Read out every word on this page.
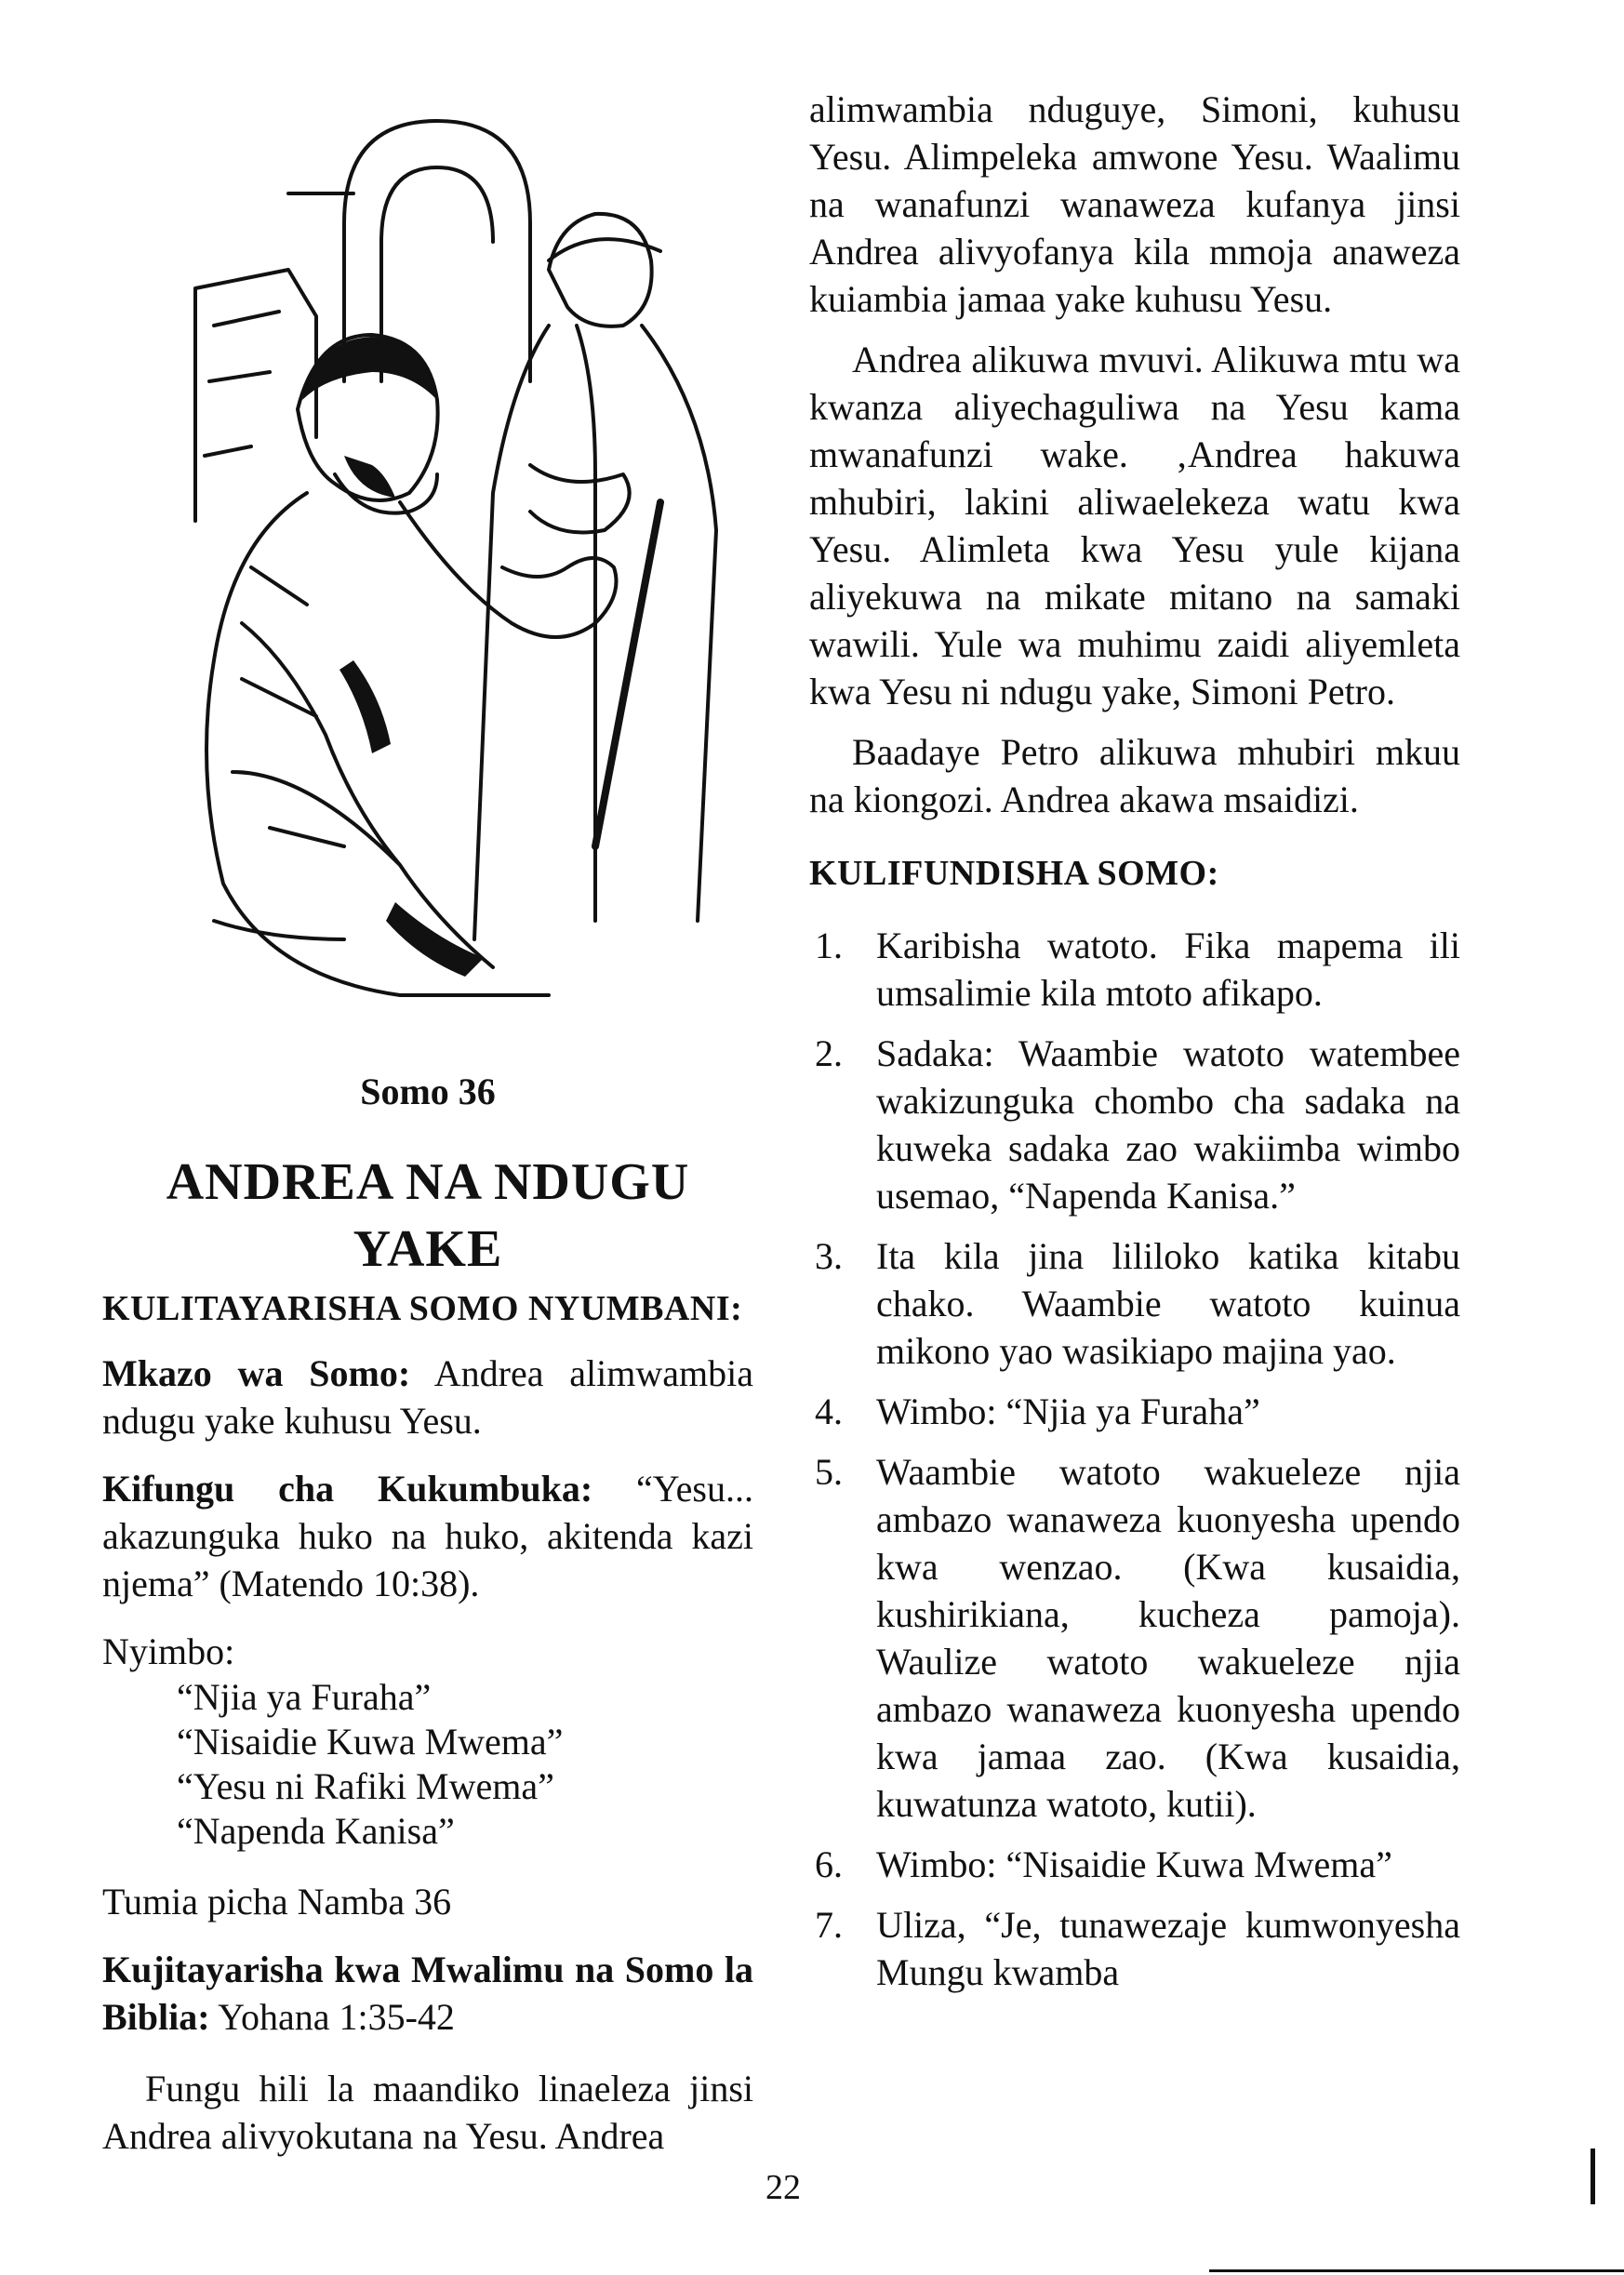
Somo 36
ANDREA NA NDUGU YAKE
KULITAYARISHA SOMO NYUMBANI:

Mkazo wa Somo: Andrea alimwambia ndugu yake kuhusu Yesu.

Kifungu cha Kukumbuka: “Yesu... akazunguka huko na huko, akitenda kazi njema” (Matendo 10:38).

Nyimbo:

“Njia ya Furaha”
“Nisaidie Kuwa Mwema”
“Yesu ni Rafiki Mwema”
“Napenda Kanisa”

Tumia picha Namba 36

Kujitayarisha kwa Mwalimu na Somo la Biblia: Yohana 1:35-42

Fungu hili la maandiko linaeleza jinsi Andrea alivyokutana na Yesu. Andrea

alimwambia nduguye, Simoni, kuhusu Yesu. Alimpeleka amwone Yesu. Waalimu na wanafunzi wanaweza kufanya jinsi Andrea alivyofanya kila mmoja anaweza kuiambia jamaa yake kuhusu Yesu.

Andrea alikuwa mvuvi. Alikuwa mtu wa kwanza aliyechaguliwa na Yesu kama mwanafunzi wake. ‚Andrea hakuwa mhubiri, lakini aliwaelekeza watu kwa Yesu. Alimleta kwa Yesu yule kijana aliyekuwa na mikate mitano na samaki wawili. Yule wa muhimu zaidi aliyemleta kwa Yesu ni ndugu yake, Simoni Petro.

Baadaye Petro alikuwa mhubiri mkuu na kiongozi. Andrea akawa msaidizi.

KULIFUNDISHA SOMO:
1. Karibisha watoto. Fika mapema ili umsalimie kila mtoto afikapo.
2. Sadaka: Waambie watoto watembee wakizunguka chombo cha sadaka na kuweka sadaka zao wakiimba wimbo usemao, “Napenda Kanisa.”
3. Ita kila jina lililoko katika kitabu chako. Waambie watoto kuinua mikono yao wasikiapo majina yao.
4. Wimbo: “Njia ya Furaha”
5. Waambie watoto wakueleze njia ambazo wanaweza kuonyesha upendo kwa wenzao. (Kwa kusaidia, kushirikiana, kucheza pamoja). Waulize watoto wakueleze njia ambazo wanaweza kuonyesha upendo kwa jamaa zao. (Kwa kusaidia, kuwatunza watoto, kutii).
6. Wimbo: “Nisaidie Kuwa Mwema”
7. Uliza, “Je, tunawezaje kumwonyesha Mungu kwamba
22
